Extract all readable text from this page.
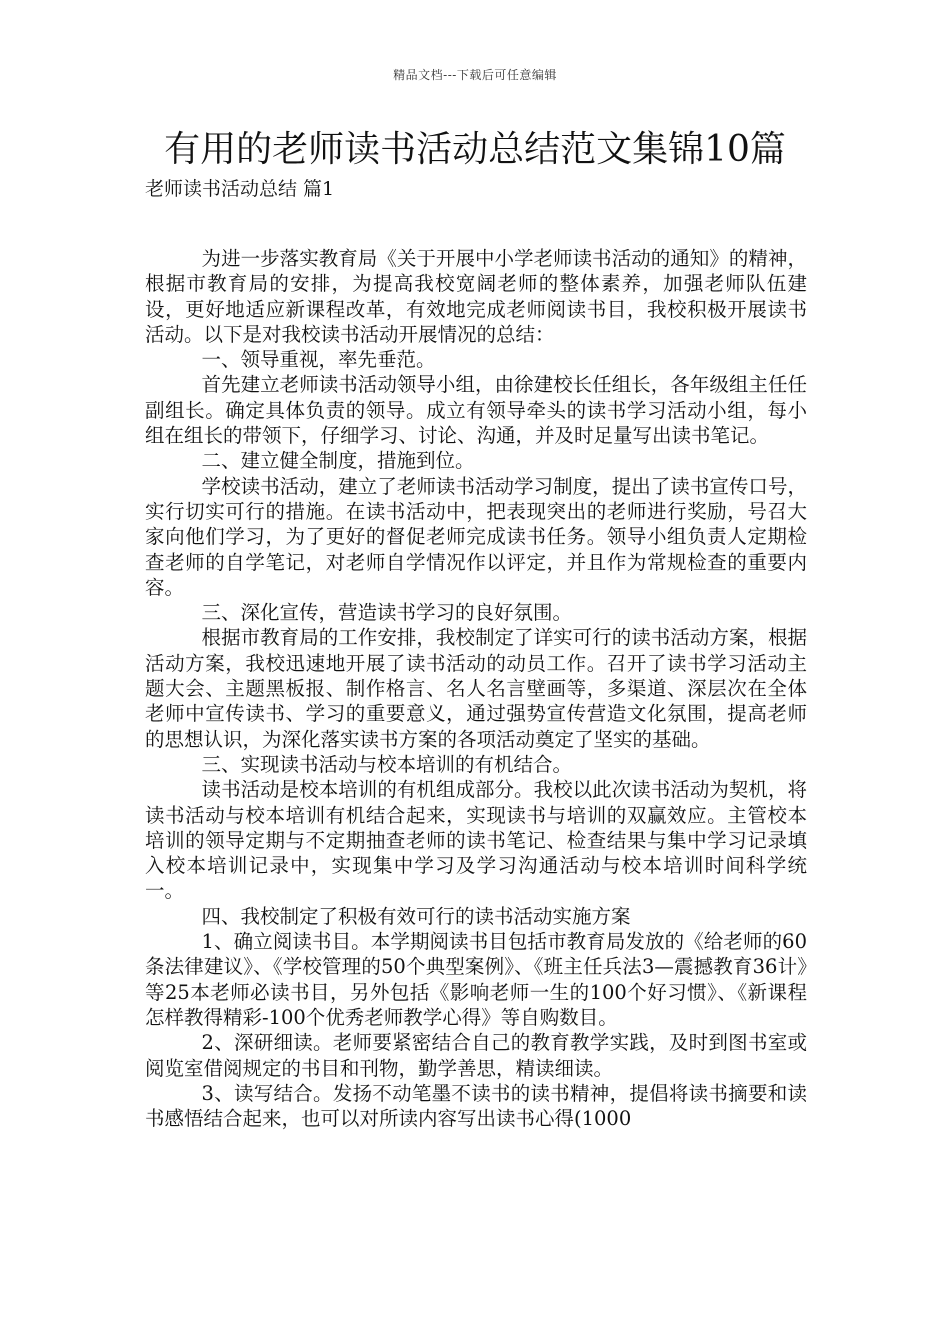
精品文档---下载后可任意编辑
有用的老师读书活动总结范文集锦10篇
老师读书活动总结 篇1

为进一步落实教育局《关于开展中小学老师读书活动的通知》的精神，根据市教育局的安排，为提高我校宽阔老师的整体素养，加强老师队伍建设，更好地适应新课程改革，有效地完成老师阅读书目，我校积极开展读书活动。以下是对我校读书活动开展情况的总结：

一、领导重视，率先垂范。

首先建立老师读书活动领导小组，由徐建校长任组长，各年级组主任任副组长。确定具体负责的领导。成立有领导牵头的读书学习活动小组，每小组在组长的带领下，仔细学习、讨论、沟通，并及时足量写出读书笔记。

二、建立健全制度，措施到位。

学校读书活动，建立了老师读书活动学习制度，提出了读书宣传口号，实行切实可行的措施。在读书活动中，把表现突出的老师进行奖励，号召大家向他们学习，为了更好的督促老师完成读书任务。领导小组负责人定期检查老师的自学笔记，对老师自学情况作以评定，并且作为常规检查的重要内容。

三、深化宣传，营造读书学习的良好氛围。

根据市教育局的工作安排，我校制定了详实可行的读书活动方案，根据活动方案，我校迅速地开展了读书活动的动员工作。召开了读书学习活动主题大会、主题黑板报、制作格言、名人名言壁画等，多渠道、深层次在全体老师中宣传读书、学习的重要意义，通过强势宣传营造文化氛围，提高老师的思想认识，为深化落实读书方案的各项活动奠定了坚实的基础。

三、实现读书活动与校本培训的有机结合。

读书活动是校本培训的有机组成部分。我校以此次读书活动为契机，将读书活动与校本培训有机结合起来，实现读书与培训的双赢效应。主管校本培训的领导定期与不定期抽查老师的读书笔记、检查结果与集中学习记录填入校本培训记录中，实现集中学习及学习沟通活动与校本培训时间科学统一。

四、我校制定了积极有效可行的读书活动实施方案

1、确立阅读书目。本学期阅读书目包括市教育局发放的《给老师的60条法律建议》、《学校管理的50个典型案例》、《班主任兵法3—震撼教育36计》等25本老师必读书目，另外包括《影响老师一生的100个好习惯》、《新课程怎样教得精彩-100个优秀老师教学心得》等自购数目。

2、深研细读。老师要紧密结合自己的教育教学实践，及时到图书室或阅览室借阅规定的书目和刊物，勤学善思，精读细读。

3、读写结合。发扬不动笔墨不读书的读书精神，提倡将读书摘要和读书感悟结合起来，也可以对所读内容写出读书心得(1000
